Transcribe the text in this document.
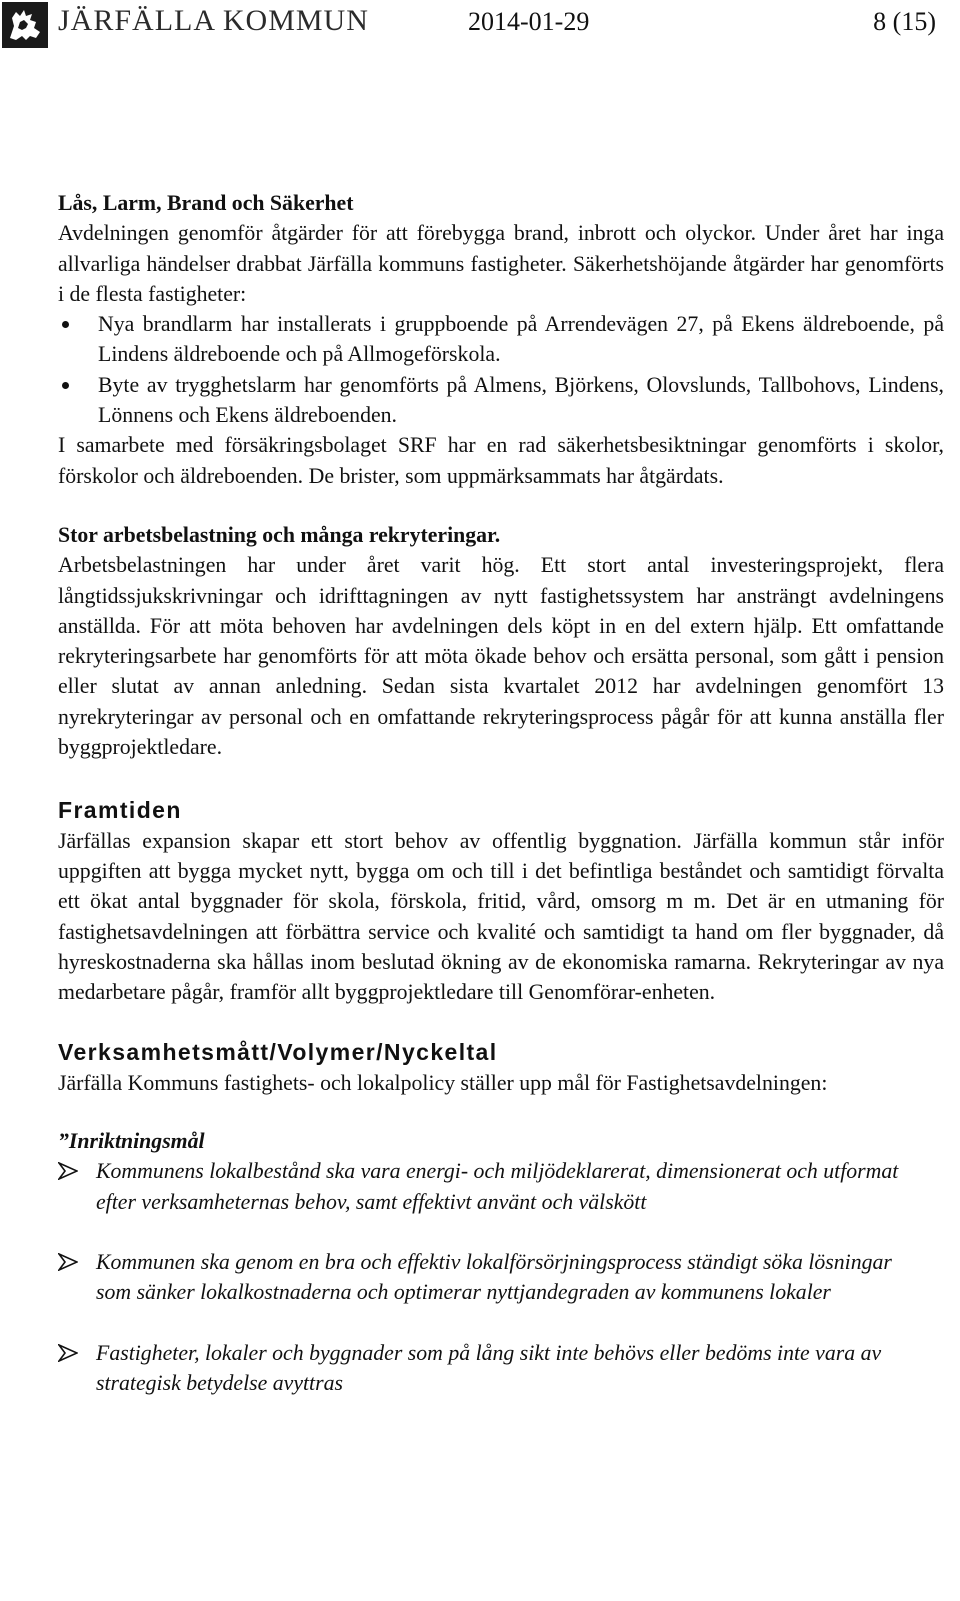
JÄRFÄLLA KOMMUN	2014-01-29	8 (15)
Lås, Larm, Brand och Säkerhet

Avdelningen genomför åtgärder för att förebygga brand, inbrott och olyckor. Under året har inga allvarliga händelser drabbat Järfälla kommuns fastigheter. Säkerhetshöjande åtgärder har genomförts i de flesta fastigheter:

Nya brandlarm har installerats i gruppboende på Arrendevägen 27, på Ekens äldreboende, på Lindens äldreboende och på Allmogeförskola.
Byte av trygghetslarm har genomförts på Almens, Björkens, Olovslunds, Tallbohovs, Lindens, Lönnens och Ekens äldreboenden.

I samarbete med försäkringsbolaget SRF har en rad säkerhetsbesiktningar genomförts i skolor, förskolor och äldreboenden. De brister, som uppmärksammats har åtgärdats.

Stor arbetsbelastning och många rekryteringar.

Arbetsbelastningen har under året varit hög. Ett stort antal investeringsprojekt, flera långtidssjukskrivningar och idrifttagningen av nytt fastighetssystem har ansträngt avdelningens anställda. För att möta behoven har avdelningen dels köpt in en del extern hjälp. Ett omfattande rekryteringsarbete har genomförts för att möta ökade behov och ersätta personal, som gått i pension eller slutat av annan anledning. Sedan sista kvartalet 2012 har avdelningen genomfört 13 nyrekryteringar av personal och en omfattande rekryteringsprocess pågår för att kunna anställa fler byggprojektledare.

Framtiden

Järfällas expansion skapar ett stort behov av offentlig byggnation. Järfälla kommun står inför uppgiften att bygga mycket nytt, bygga om och till i det befintliga beståndet och samtidigt förvalta ett ökat antal byggnader för skola, förskola, fritid, vård, omsorg m m. Det är en utmaning för fastighetsavdelningen att förbättra service och kvalité och samtidigt ta hand om fler byggnader, då hyreskostnaderna ska hållas inom beslutad ökning av de ekonomiska ramarna. Rekryteringar av nya medarbetare pågår, framför allt byggprojektledare till Genomförar-enheten.

Verksamhetsmått/Volymer/Nyckeltal

Järfälla Kommuns fastighets- och lokalpolicy ställer upp mål för Fastighetsavdelningen:

”Inriktningsmål

Kommunens lokalbestånd ska vara energi- och miljödeklarerat, dimensionerat och utformat efter verksamheternas behov, samt effektivt använt och välskött
Kommunen ska genom en bra och effektiv lokalförsörjningsprocess ständigt söka lösningar som sänker lokalkostnaderna och optimerar nyttjandegraden av kommunens lokaler
Fastigheter, lokaler och byggnader som på lång sikt inte behövs eller bedöms inte vara av strategisk betydelse avyttras
